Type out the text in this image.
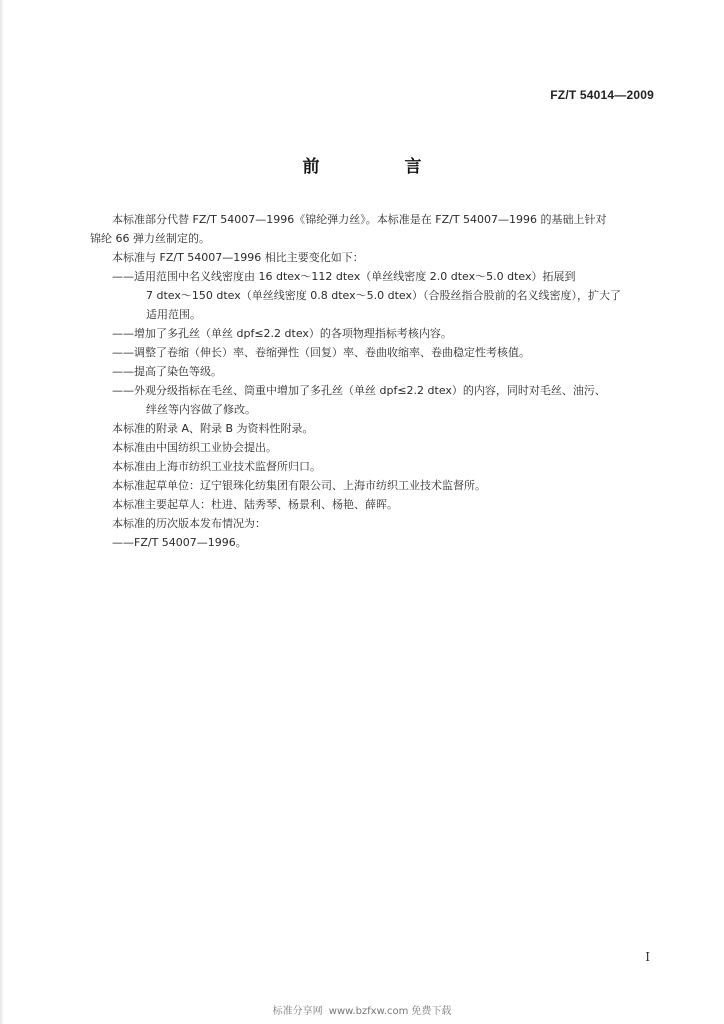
FZ/T 54014—2009
前　言

本标准部分代替 FZ/T 54007—1996《锦纶弹力丝》。本标准是在 FZ/T 54007—1996 的基础上针对

锦纶 66 弹力丝制定的。

本标准与 FZ/T 54007—1996 相比主要变化如下：

——适用范围中名义线密度由 16 dtex～112 dtex（单丝线密度 2.0 dtex～5.0 dtex）拓展到

7 dtex～150 dtex（单丝线密度 0.8 dtex～5.0 dtex）（合股丝指合股前的名义线密度），扩大了

适用范围。

——增加了多孔丝（单丝 dpf≤2.2 dtex）的各项物理指标考核内容。

——调整了卷缩（伸长）率、卷缩弹性（回复）率、卷曲收缩率、卷曲稳定性考核值。

——提高了染色等级。

——外观分级指标在毛丝、筒重中增加了多孔丝（单丝 dpf≤2.2 dtex）的内容，同时对毛丝、油污、

绊丝等内容做了修改。

本标准的附录 A、附录 B 为资料性附录。

本标准由中国纺织工业协会提出。

本标准由上海市纺织工业技术监督所归口。

本标准起草单位：辽宁银珠化纺集团有限公司、上海市纺织工业技术监督所。

本标准主要起草人：杜进、陆秀琴、杨景利、杨艳、薛晖。

本标准的历次版本发布情况为：

——FZ/T 54007—1996。

I
标准分享网 www.bzfxw.com 免费下载
